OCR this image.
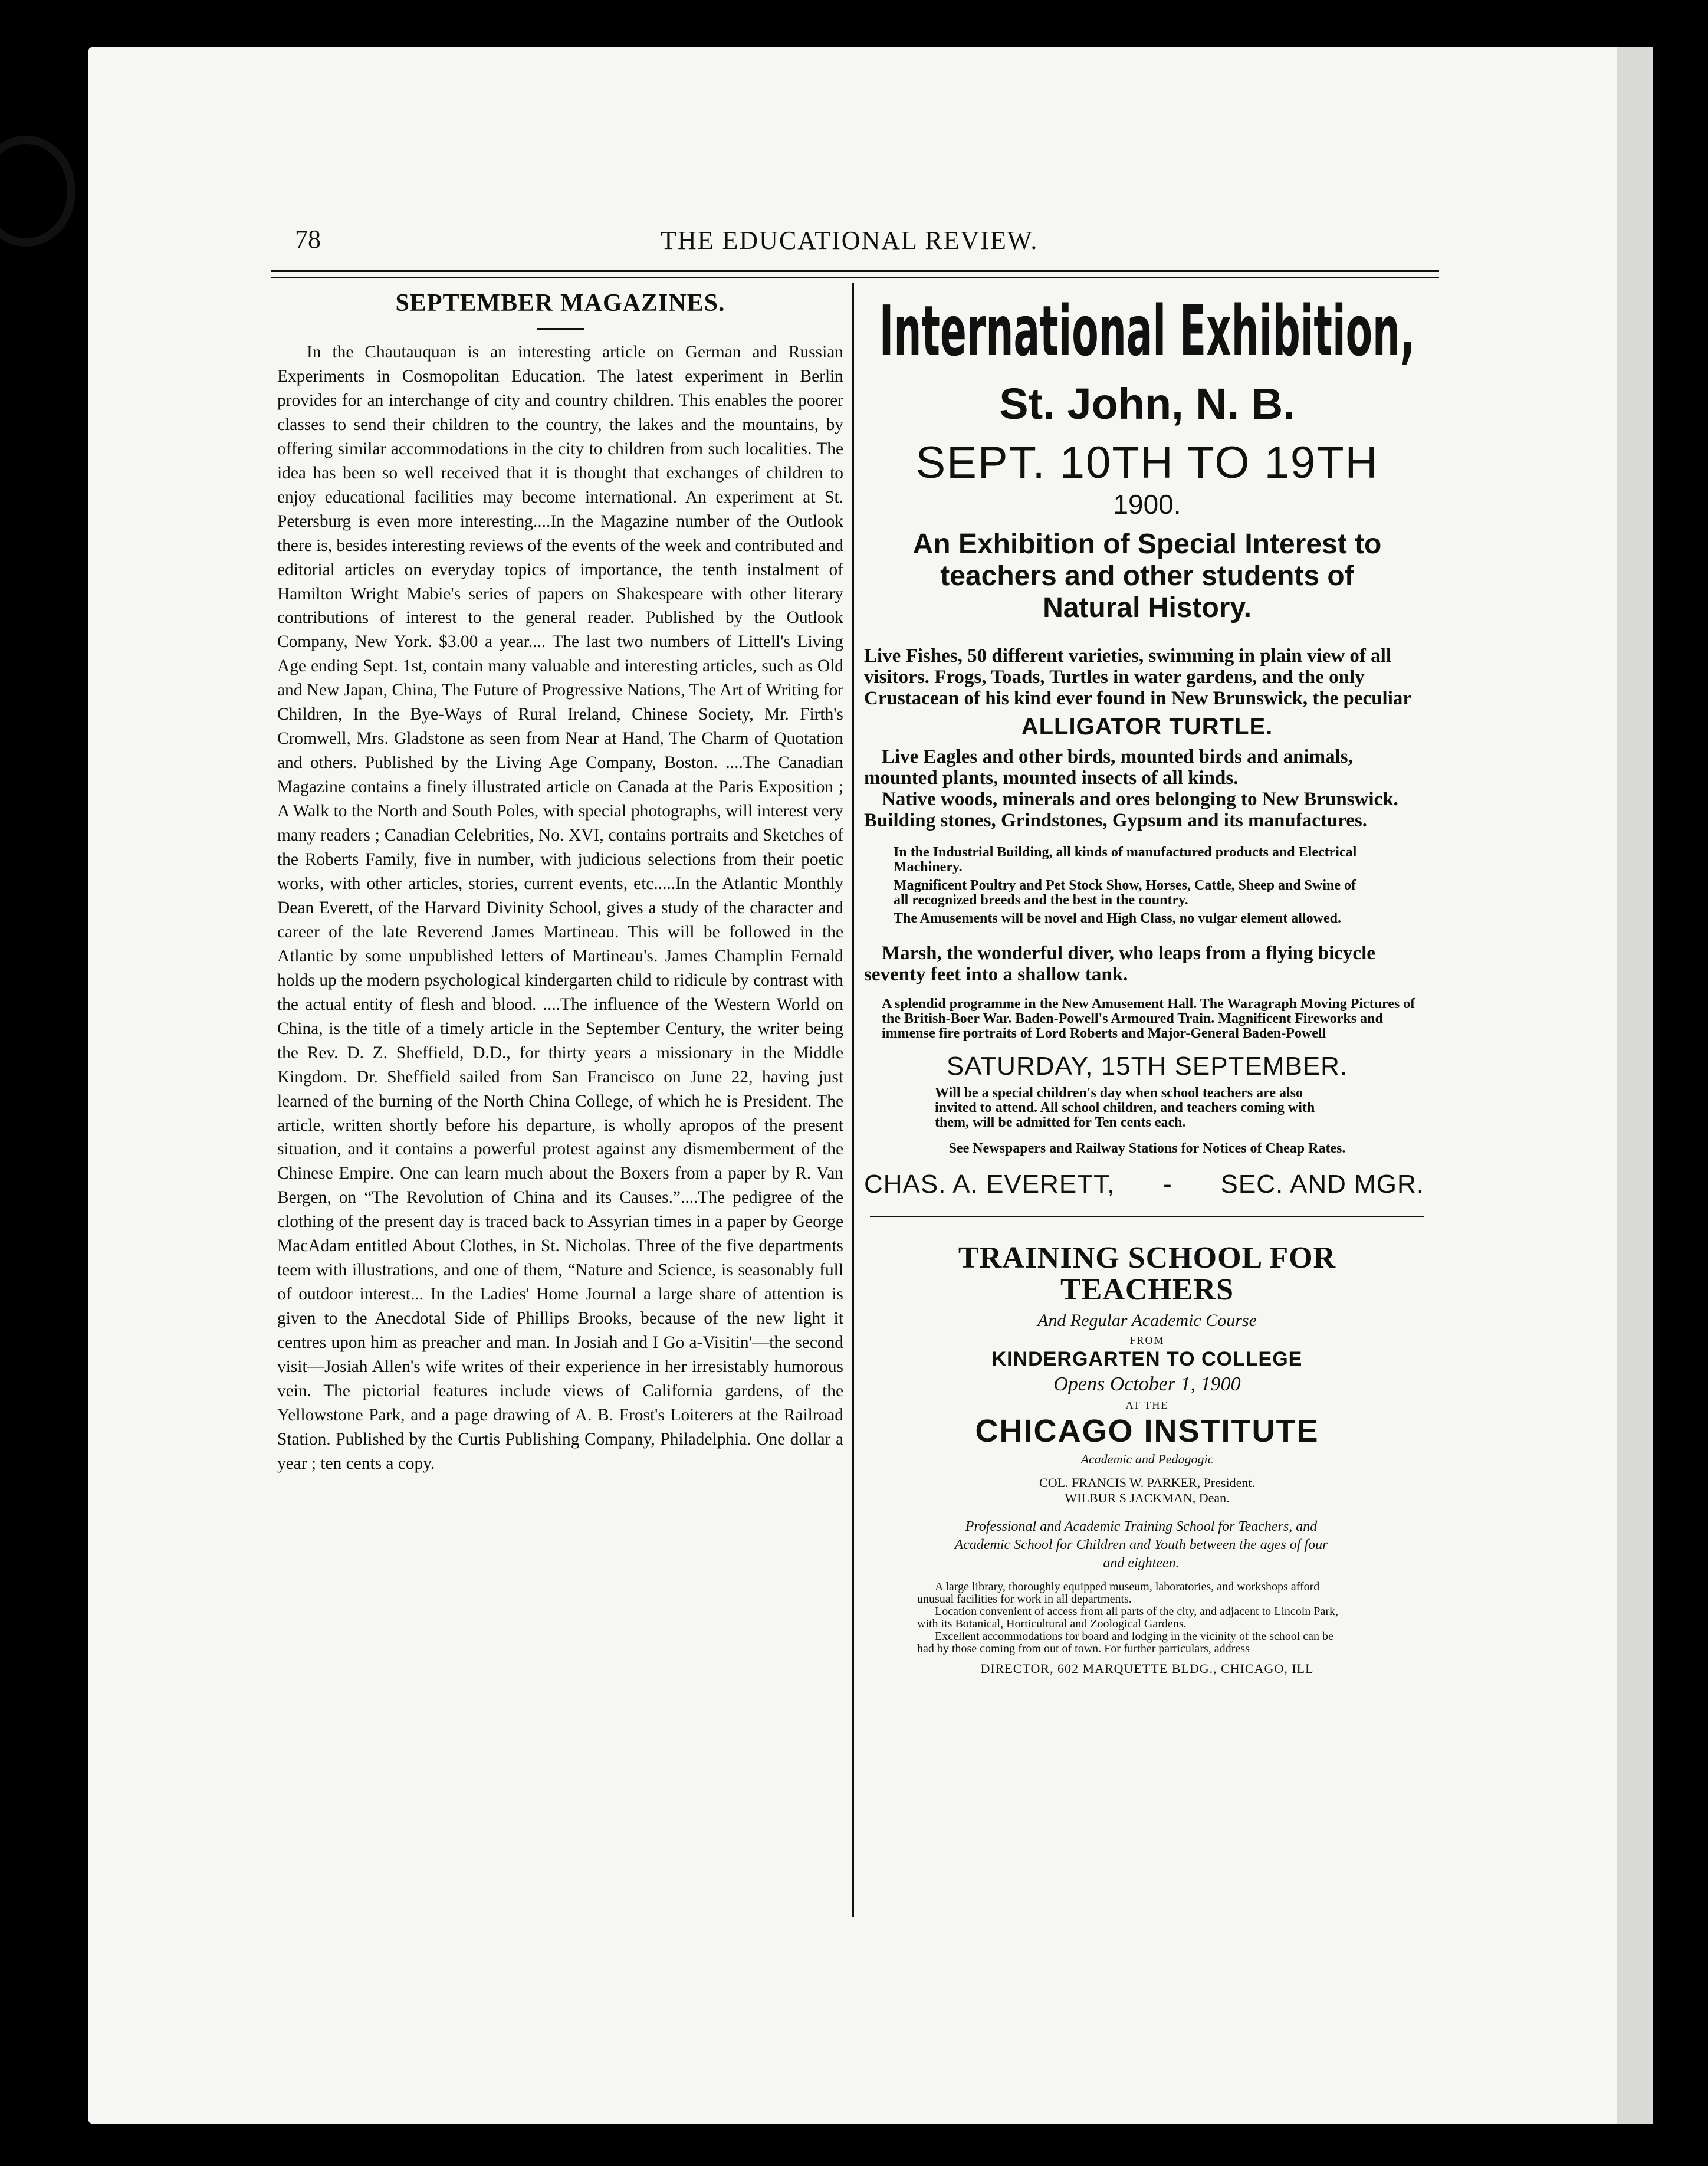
78	THE EDUCATIONAL REVIEW.
SEPTEMBER MAGAZINES.

In the Chautauquan is an interesting article on German and Russian Experiments in Cosmopolitan Education. The latest experiment in Berlin provides for an interchange of city and country children. This enables the poorer classes to send their children to the country, the lakes and the mountains, by offering similar accommodations in the city to children from such localities. The idea has been so well received that it is thought that exchanges of children to enjoy educational facilities may become international. An experiment at St. Petersburg is even more interesting....In the Magazine number of the Outlook there is, besides interesting reviews of the events of the week and contributed and editorial articles on everyday topics of importance, the tenth instalment of Hamilton Wright Mabie's series of papers on Shakespeare with other literary contributions of interest to the general reader. Published by the Outlook Company, New York. $3.00 a year.... The last two numbers of Littell's Living Age ending Sept. 1st, contain many valuable and interesting articles, such as Old and New Japan, China, The Future of Progressive Nations, The Art of Writing for Children, In the Bye-Ways of Rural Ireland, Chinese Society, Mr. Firth's Cromwell, Mrs. Gladstone as seen from Near at Hand, The Charm of Quotation and others. Published by the Living Age Company, Boston. ....The Canadian Magazine contains a finely illustrated article on Canada at the Paris Exposition ; A Walk to the North and South Poles, with special photographs, will interest very many readers ; Canadian Celebrities, No. XVI, contains portraits and Sketches of the Roberts Family, five in number, with judicious selections from their poetic works, with other articles, stories, current events, etc.....In the Atlantic Monthly Dean Everett, of the Harvard Divinity School, gives a study of the character and career of the late Reverend James Martineau. This will be followed in the Atlantic by some unpublished letters of Martineau's. James Champlin Fernald holds up the modern psychological kindergarten child to ridicule by contrast with the actual entity of flesh and blood. ....The influence of the Western World on China, is the title of a timely article in the September Century, the writer being the Rev. D. Z. Sheffield, D.D., for thirty years a missionary in the Middle Kingdom. Dr. Sheffield sailed from San Francisco on June 22, having just learned of the burning of the North China College, of which he is President. The article, written shortly before his departure, is wholly apropos of the present situation, and it contains a powerful protest against any dismemberment of the Chinese Empire. One can learn much about the Boxers from a paper by R. Van Bergen, on “The Revolution of China and its Causes.”....The pedigree of the clothing of the present day is traced back to Assyrian times in a paper by George MacAdam entitled About Clothes, in St. Nicholas. Three of the five departments teem with illustrations, and one of them, “Nature and Science, is seasonably full of outdoor interest... In the Ladies' Home Journal a large share of attention is given to the Anecdotal Side of Phillips Brooks, because of the new light it centres upon him as preacher and man. In Josiah and I Go a-Visitin'—the second visit—Josiah Allen's wife writes of their experience in her irresistably humorous vein. The pictorial features include views of California gardens, of the Yellowstone Park, and a page drawing of A. B. Frost's Loiterers at the Railroad Station. Published by the Curtis Publishing Company, Philadelphia. One dollar a year ; ten cents a copy.

International Exhibition,
St. John, N. B.
SEPT. 10TH TO 19TH
1900.
An Exhibition of Special Interest to teachers and other students of Natural History.
Live Fishes, 50 different varieties, swimming in plain view of all visitors. Frogs, Toads, Turtles in water gardens, and the only Crustacean of his kind ever found in New Brunswick, the peculiar
ALLIGATOR TURTLE.
Live Eagles and other birds, mounted birds and animals, mounted plants, mounted insects of all kinds.
Native woods, minerals and ores belonging to New Brunswick. Building stones, Grindstones, Gypsum and its manufactures.
In the Industrial Building, all kinds of manufactured products and Electrical Machinery.
Magnificent Poultry and Pet Stock Show, Horses, Cattle, Sheep and Swine of all recognized breeds and the best in the country.
The Amusements will be novel and High Class, no vulgar element allowed.
Marsh, the wonderful diver, who leaps from a flying bicycle seventy feet into a shallow tank.
A splendid programme in the New Amusement Hall. The Waragraph Moving Pictures of the British-Boer War. Baden-Powell's Armoured Train. Magnificent Fireworks and immense fire portraits of Lord Roberts and Major-General Baden-Powell
SATURDAY, 15TH SEPTEMBER.
Will be a special children's day when school teachers are also invited to attend. All school children, and teachers coming with them, will be admitted for Ten cents each.
See Newspapers and Railway Stations for Notices of Cheap Rates.
CHAS. A. EVERETT, - SEC. AND MGR.
TRAINING SCHOOL FOR
TEACHERS
And Regular Academic Course
FROM
KINDERGARTEN TO COLLEGE
Opens October 1, 1900
AT THE
CHICAGO INSTITUTE
Academic and Pedagogic
COL. FRANCIS W. PARKER, President.
WILBUR S JACKMAN, Dean.
Professional and Academic Training School for Teachers, and Academic School for Children and Youth between the ages of four and eighteen.
A large library, thoroughly equipped museum, laboratories, and workshops afford unusual facilities for work in all departments.
Location convenient of access from all parts of the city, and adjacent to Lincoln Park, with its Botanical, Horticultural and Zoological Gardens.
Excellent accommodations for board and lodging in the vicinity of the school can be had by those coming from out of town. For further particulars, address
DIRECTOR, 602 MARQUETTE BLDG., CHICAGO, ILL
